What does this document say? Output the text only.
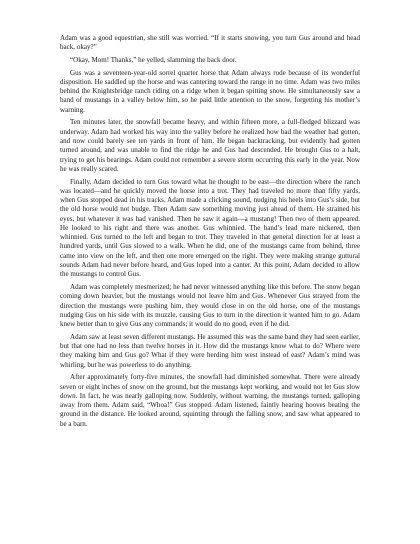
Adam was a good equestrian, she still was worried. “If it starts snowing, you turn Gus around and head back, okay?”

“Okay, Mom! Thanks,” he yelled, slamming the back door.

Gus was a seventeen-year-old sorrel quarter horse that Adam always rode because of its wonderful disposition. He saddled up the horse and was cantering toward the range in no time. Adam was two miles behind the Knightsbridge ranch riding on a ridge when it began spitting snow. He simultaneously saw a band of mustangs in a valley below him, so he paid little attention to the snow, forgetting his mother’s warning.

Ten minutes later, the snowfall became heavy, and within fifteen more, a full-fledged blizzard was underway. Adam had worked his way into the valley before he realized how bad the weather had gotten, and now could barely see ten yards in front of him. He began backtracking, but evidently had gotten turned around, and was unable to find the ridge he and Gus had descended. He brought Gus to a halt, trying to get his bearings. Adam could not remember a severe storm occurring this early in the year. Now he was really scared.

Finally, Adam decided to turn Gus toward what he thought to be east—the direction where the ranch was located—and he quickly moved the horse into a trot. They had traveled no more than fifty yards, when Gus stopped dead in his tracks. Adam made a clicking sound, nudging his heels into Gus’s side, but the old horse would not budge. Then Adam saw something moving just ahead of them. He strained his eyes, but whatever it was had vanished. Then he saw it again—a mustang! Then two of them appeared. He looked to his right and there was another. Gus whinnied. The band’s lead mare nickered, then whinnied. Gus turned to the left and began to trot. They traveled in that general direction for at least a hundred yards, until Gus slowed to a walk. When he did, one of the mustangs came from behind, three came into view on the left, and then one more emerged on the right. They were making strange guttural sounds Adam had never before heard, and Gus loped into a canter. At this point, Adam decided to allow the mustangs to control Gus.

Adam was completely mesmerized; he had never witnessed anything like this before. The snow began coming down heavier, but the mustangs would not leave him and Gus. Whenever Gus strayed from the direction the mustangs were pushing him, they would close in on the old horse, one of the mustangs nudging Gus on his side with its muzzle, causing Gus to turn in the direction it wanted him to go. Adam knew better than to give Gus any commands; it would do no good, even if he did.

Adam saw at least seven different mustangs. He assumed this was the same band they had seen earlier, but that one had no less than twelve horses in it. How did the mustangs know what to do? Where were they making him and Gus go? What if they were herding him west instead of east? Adam’s mind was whirling, but he was powerless to do anything.

After approximately forty-five minutes, the snowfall had diminished somewhat. There were already seven or eight inches of snow on the ground, but the mustangs kept working, and would not let Gus slow down. In fact, he was nearly galloping now. Suddenly, without warning, the mustangs turned, galloping away from them. Adam said, “Whoa!” Gus stopped. Adam listened, faintly hearing hooves beating the ground in the distance. He looked around, squinting through the falling snow, and saw what appeared to be a barn.
